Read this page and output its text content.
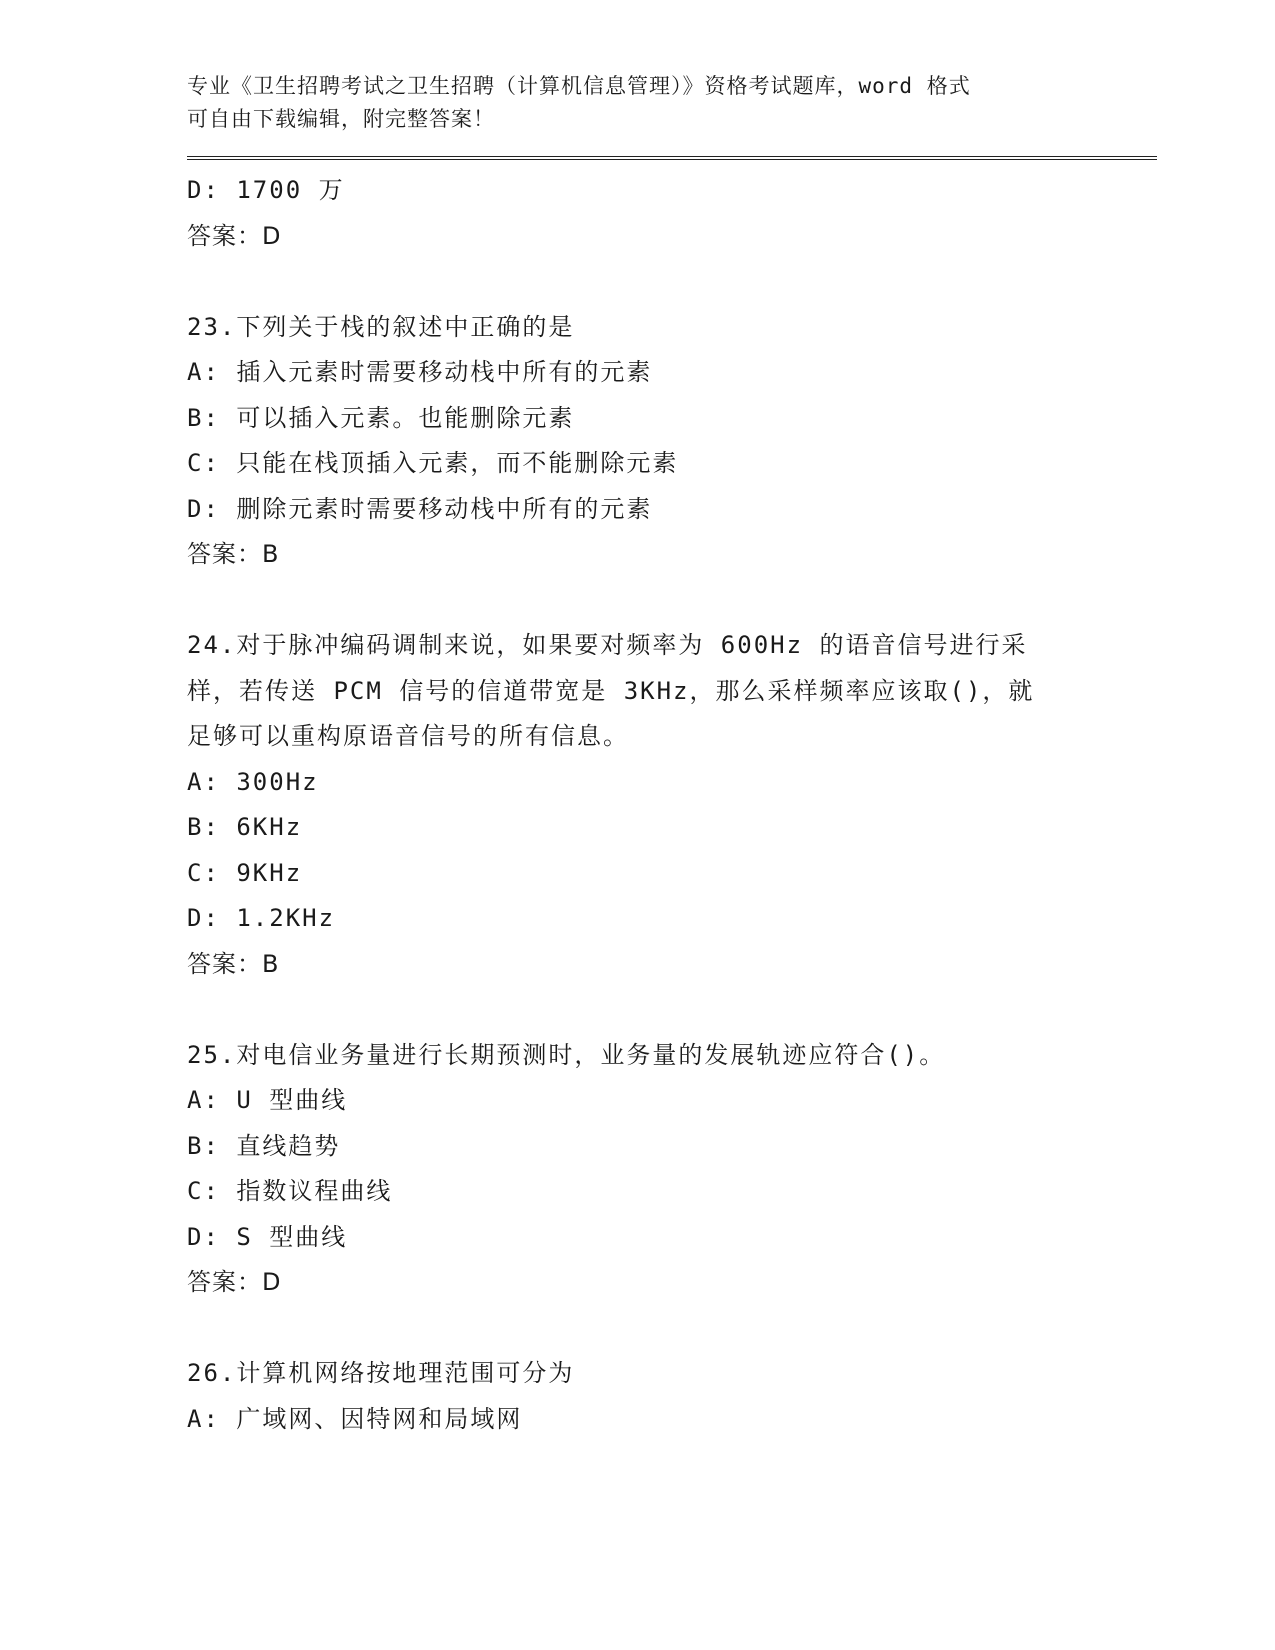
专业《卫生招聘考试之卫生招聘（计算机信息管理）》资格考试题库，word 格式
可自由下载编辑，附完整答案！
D: 1700 万
答案：D
23.下列关于栈的叙述中正确的是
A: 插入元素时需要移动栈中所有的元素
B: 可以插入元素。也能删除元素
C: 只能在栈顶插入元素，而不能删除元素
D: 删除元素时需要移动栈中所有的元素
答案：B
24.对于脉冲编码调制来说，如果要对频率为 600Hz 的语音信号进行采
样，若传送 PCM 信号的信道带宽是 3KHz，那么采样频率应该取()，就
足够可以重构原语音信号的所有信息。
A: 300Hz
B: 6KHz
C: 9KHz
D: 1.2KHz
答案：B
25.对电信业务量进行长期预测时，业务量的发展轨迹应符合()。
A: U 型曲线
B: 直线趋势
C: 指数议程曲线
D: S 型曲线
答案：D
26.计算机网络按地理范围可分为
A: 广域网、因特网和局域网
